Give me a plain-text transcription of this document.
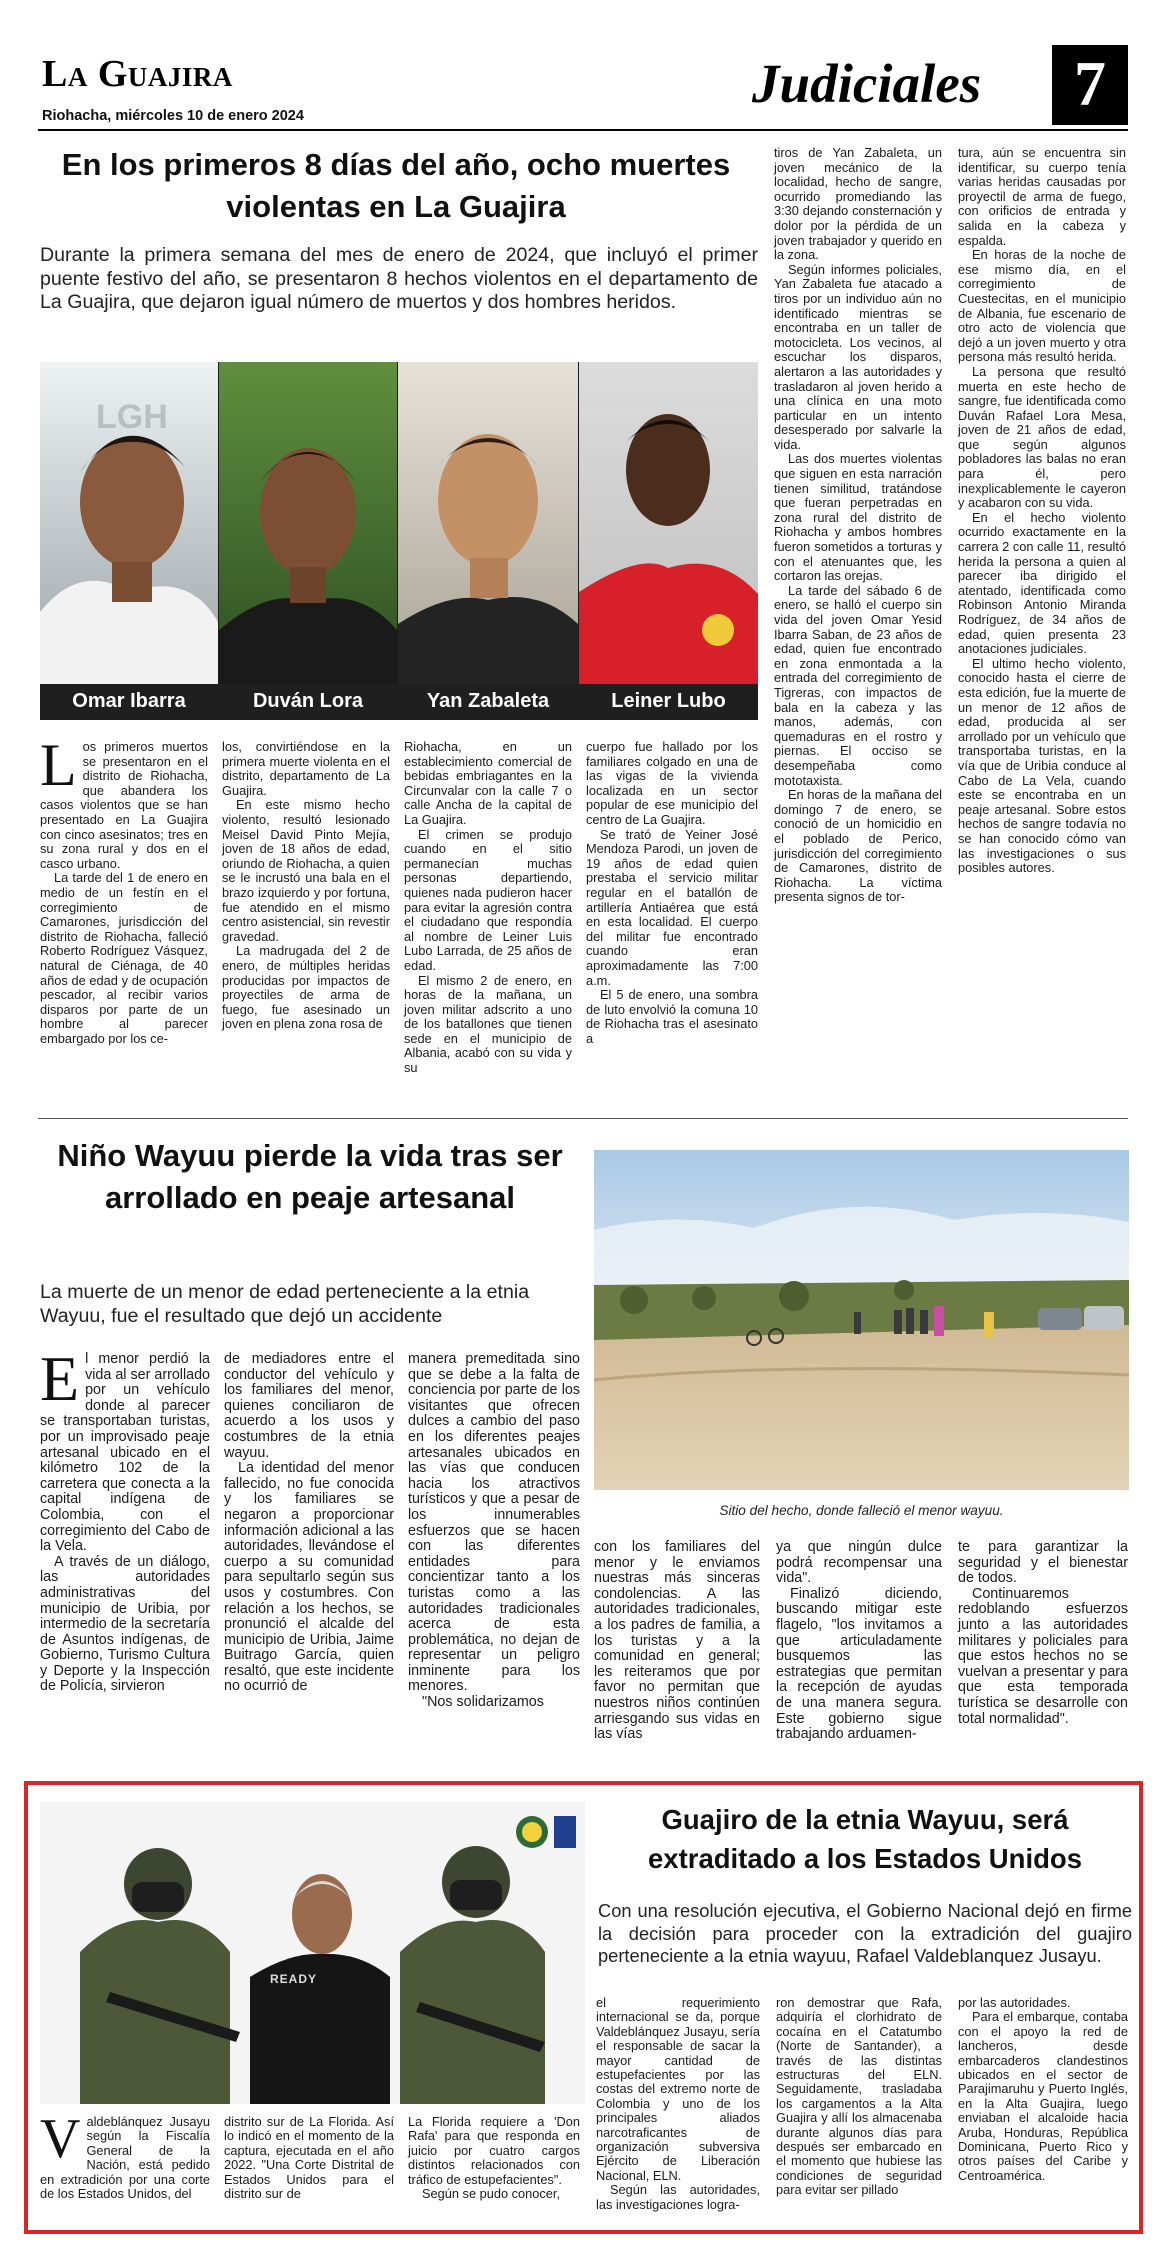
La Guajira
Riohacha, miércoles 10 de enero 2024
Judiciales	7
En los primeros 8 días del año, ocho muertes violentas en La Guajira
Durante la primera semana del mes de enero de 2024, que incluyó el primer puente festivo del año, se presentaron 8 hechos violentos en el departamento de La Guajira, que dejaron igual número de muertos y dos hombres heridos.
LGH
Omar Ibarra	Duván Lora	Yan Zabaleta	Leiner Lubo
L os primeros muertos se presentaron en el distrito de Riohacha, que abandera los casos violentos que se han presentado en La Guajira con cinco asesinatos; tres en su zona rural y dos en el casco urbano.

La tarde del 1 de enero en medio de un festín en el corregimiento de Camarones, jurisdicción del distrito de Riohacha, falleció Roberto Rodríguez Vásquez, natural de Ciénaga, de 40 años de edad y de ocupación pescador, al recibir varios disparos por parte de un hombre al parecer embargado por los ce-

los, convirtiéndose en la primera muerte violenta en el distrito, departamento de La Guajira.

En este mismo hecho violento, resultó lesionado Meisel David Pinto Mejía, joven de 18 años de edad, oriundo de Riohacha, a quien se le incrustó una bala en el brazo izquierdo y por fortuna, fue atendido en el mismo centro asistencial, sin revestir gravedad.

La madrugada del 2 de enero, de múltiples heridas producidas por impactos de proyectiles de arma de fuego, fue asesinado un joven en plena zona rosa de

Riohacha, en un establecimiento comercial de bebidas embriagantes en la Circunvalar con la calle 7 o calle Ancha de la capital de La Guajira.

El crimen se produjo cuando en el sitio permanecían muchas personas departiendo, quienes nada pudieron hacer para evitar la agresión contra el ciudadano que respondía al nombre de Leiner Luis Lubo Larrada, de 25 años de edad.

El mismo 2 de enero, en horas de la mañana, un joven militar adscrito a uno de los batallones que tienen sede en el municipio de Albania, acabó con su vida y su

cuerpo fue hallado por los familiares colgado en una de las vigas de la vivienda localizada en un sector popular de ese municipio del centro de La Guajira.

Se trató de Yeiner José Mendoza Parodi, un joven de 19 años de edad quien prestaba el servicio militar regular en el batallón de artillería Antiaérea que está en esta localidad. El cuerpo del militar fue encontrado cuando eran aproximadamente las 7:00 a.m.

El 5 de enero, una sombra de luto envolvió la comuna 10 de Riohacha tras el asesinato a

tiros de Yan Zabaleta, un joven mecánico de la localidad, hecho de sangre, ocurrido promediando las 3:30 dejando consternación y dolor por la pérdida de un joven trabajador y querido en la zona.

Según informes policiales, Yan Zabaleta fue atacado a tiros por un individuo aún no identificado mientras se encontraba en un taller de motocicleta. Los vecinos, al escuchar los disparos, alertaron a las autoridades y trasladaron al joven herido a una clínica en una moto particular en un intento desesperado por salvarle la vida.

Las dos muertes violentas que siguen en esta narración tienen similitud, tratándose que fueran perpetradas en zona rural del distrito de Riohacha y ambos hombres fueron sometidos a torturas y con el atenuantes que, les cortaron las orejas.

La tarde del sábado 6 de enero, se halló el cuerpo sin vida del joven Omar Yesid Ibarra Saban, de 23 años de edad, quien fue encontrado en zona enmontada a la entrada del corregimiento de Tigreras, con impactos de bala en la cabeza y las manos, además, con quemaduras en el rostro y piernas. El occiso se desempeñaba como mototaxista.

En horas de la mañana del domingo 7 de enero, se conoció de un homicidio en el poblado de Perico, jurisdicción del corregimiento de Camarones, distrito de Riohacha. La víctima presenta signos de tor-

tura, aún se encuentra sin identificar, su cuerpo tenía varias heridas causadas por proyectil de arma de fuego, con orificios de entrada y salida en la cabeza y espalda.

En horas de la noche de ese mismo día, en el corregimiento de Cuestecitas, en el municipio de Albania, fue escenario de otro acto de violencia que dejó a un joven muerto y otra persona más resultó herida.

La persona que resultó muerta en este hecho de sangre, fue identificada como Duván Rafael Lora Mesa, joven de 21 años de edad, que según algunos pobladores las balas no eran para él, pero inexplicablemente le cayeron y acabaron con su vida.

En el hecho violento ocurrido exactamente en la carrera 2 con calle 11, resultó herida la persona a quien al parecer iba dirigido el atentado, identificada como Robinson Antonio Miranda Rodríguez, de 34 años de edad, quien presenta 23 anotaciones judiciales.

El ultimo hecho violento, conocido hasta el cierre de esta edición, fue la muerte de un menor de 12 años de edad, producida al ser arrollado por un vehículo que transportaba turistas, en la vía que de Uribia conduce al Cabo de La Vela, cuando este se encontraba en un peaje artesanal. Sobre estos hechos de sangre todavía no se han conocido cómo van las investigaciones o sus posibles autores.

Niño Wayuu pierde la vida tras ser arrollado en peaje artesanal
La muerte de un menor de edad perteneciente a la etnia Wayuu, fue el resultado que dejó un accidente
Sitio del hecho, donde falleció el menor wayuu.
E l menor perdió la vida al ser arrollado por un vehículo donde al parecer se transportaban turistas, por un improvisado peaje artesanal ubicado en el kilómetro 102 de la carretera que conecta a la capital indígena de Colombia, con el corregimiento del Cabo de la Vela.

A través de un diálogo, las autoridades administrativas del municipio de Uribia, por intermedio de la secretaría de Asuntos indígenas, de Gobierno, Turismo Cultura y Deporte y la Inspección de Policía, sirvieron

de mediadores entre el conductor del vehículo y los familiares del menor, quienes conciliaron de acuerdo a los usos y costumbres de la etnia wayuu.

La identidad del menor fallecido, no fue conocida y los familiares se negaron a proporcionar información adicional a las autoridades, llevándose el cuerpo a su comunidad para sepultarlo según sus usos y costumbres. Con relación a los hechos, se pronunció el alcalde del municipio de Uribia, Jaime Buitrago García, quien resaltó, que este incidente no ocurrió de

manera premeditada sino que se debe a la falta de conciencia por parte de los visitantes que ofrecen dulces a cambio del paso en los diferentes peajes artesanales ubicados en las vías que conducen hacia los atractivos turísticos y que a pesar de los innumerables esfuerzos que se hacen con las diferentes entidades para concientizar tanto a los turistas como a las autoridades tradicionales acerca de esta problemática, no dejan de representar un peligro inminente para los menores.

"Nos solidarizamos

con los familiares del menor y le enviamos nuestras más sinceras condolencias. A las autoridades tradicionales, a los padres de familia, a los turistas y a la comunidad en general; les reiteramos que por favor no permitan que nuestros niños continúen arriesgando sus vidas en las vías

ya que ningún dulce podrá recompensar una vida".

Finalizó diciendo, buscando mitigar este flagelo, "los invitamos a que articuladamente busquemos las estrategias que permitan la recepción de ayudas de una manera segura. Este gobierno sigue trabajando arduamen-

te para garantizar la seguridad y el bienestar de todos.

Continuaremos redoblando esfuerzos junto a las autoridades militares y policiales para que estos hechos no se vuelvan a presentar y para que esta temporada turística se desarrolle con total normalidad".

READY
Guajiro de la etnia Wayuu, será extraditado a los Estados Unidos
Con una resolución ejecutiva, el Gobierno Nacional dejó en firme la decisión para proceder con la extradición del guajiro perteneciente a la etnia wayuu, Rafael Valdeblanquez Jusayu.
V aldeblánquez Jusayu según la Fiscalía General de la Nación, está pedido en extradición por una corte de los Estados Unidos, del

distrito sur de La Florida. Así lo indicó en el momento de la captura, ejecutada en el año 2022. "Una Corte Distrital de Estados Unidos para el distrito sur de

La Florida requiere a 'Don Rafa' para que responda en juicio por cuatro cargos distintos relacionados con tráfico de estupefacientes".

Según se pudo conocer,

el requerimiento internacional se da, porque Valdeblánquez Jusayu, sería el responsable de sacar la mayor cantidad de estupefacientes por las costas del extremo norte de Colombia y uno de los principales aliados narcotraficantes de organización subversiva Ejército de Liberación Nacional, ELN.

Según las autoridades, las investigaciones logra-

ron demostrar que Rafa, adquiría el clorhidrato de cocaína en el Catatumbo (Norte de Santander), a través de las distintas estructuras del ELN. Seguidamente, trasladaba los cargamentos a la Alta Guajira y allí los almacenaba durante algunos días para después ser embarcado en el momento que hubiese las condiciones de seguridad para evitar ser pillado

por las autoridades.

Para el embarque, contaba con el apoyo la red de lancheros, desde embarcaderos clandestinos ubicados en el sector de Parajimaruhu y Puerto Inglés, en la Alta Guajira, luego enviaban el alcaloide hacia Aruba, Honduras, República Dominicana, Puerto Rico y otros países del Caribe y Centroamérica.
